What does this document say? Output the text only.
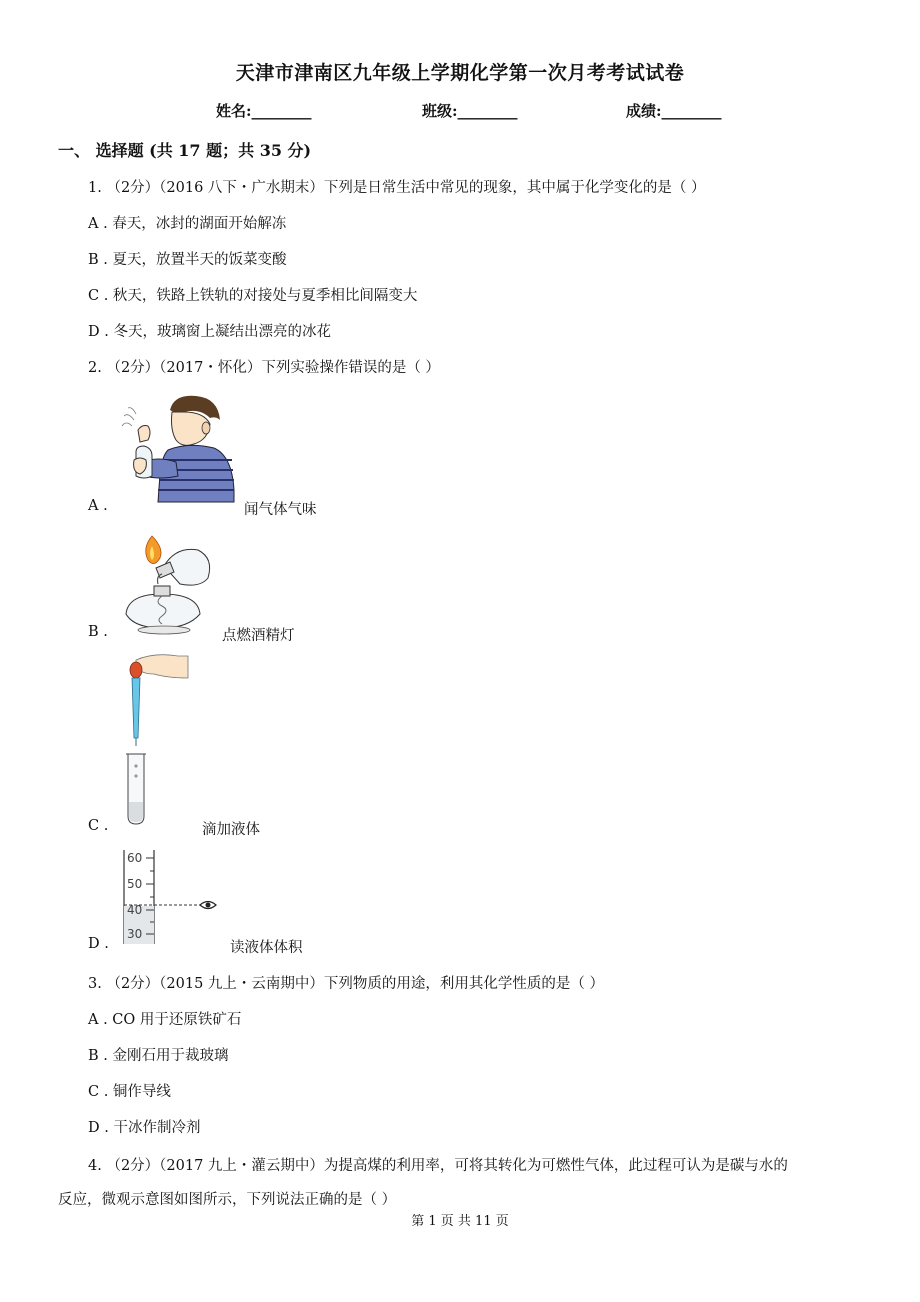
天津市津南区九年级上学期化学第一次月考考试试卷
姓名:________	班级:________	成绩:________
一、 选择题 (共 17 题；共 35 分)
1. （2分）（2016 八下・广水期末）下列是日常生活中常见的现象，其中属于化学变化的是（ ）
A . 春天，冰封的湖面开始解冻
B . 夏天，放置半天的饭菜变酸
C . 秋天，铁路上铁轨的对接处与夏季相比间隔变大
D . 冬天，玻璃窗上凝结出漂亮的冰花
2. （2分）（2017・怀化）下列实验操作错误的是（ ）
A .	闻气体气味
B .	点燃酒精灯
C .	滴加液体
60
50
40
30
D .	读液体体积
3. （2分）（2015 九上・云南期中）下列物质的用途，利用其化学性质的是（ ）
A . CO 用于还原铁矿石
B . 金刚石用于裁玻璃
C . 铜作导线
D . 干冰作制冷剂
4. （2分）（2017 九上・灌云期中）为提高煤的利用率，可将其转化为可燃性气体，此过程可认为是碳与水的
反应，微观示意图如图所示，下列说法正确的是（ ）
第 1 页 共 11 页
